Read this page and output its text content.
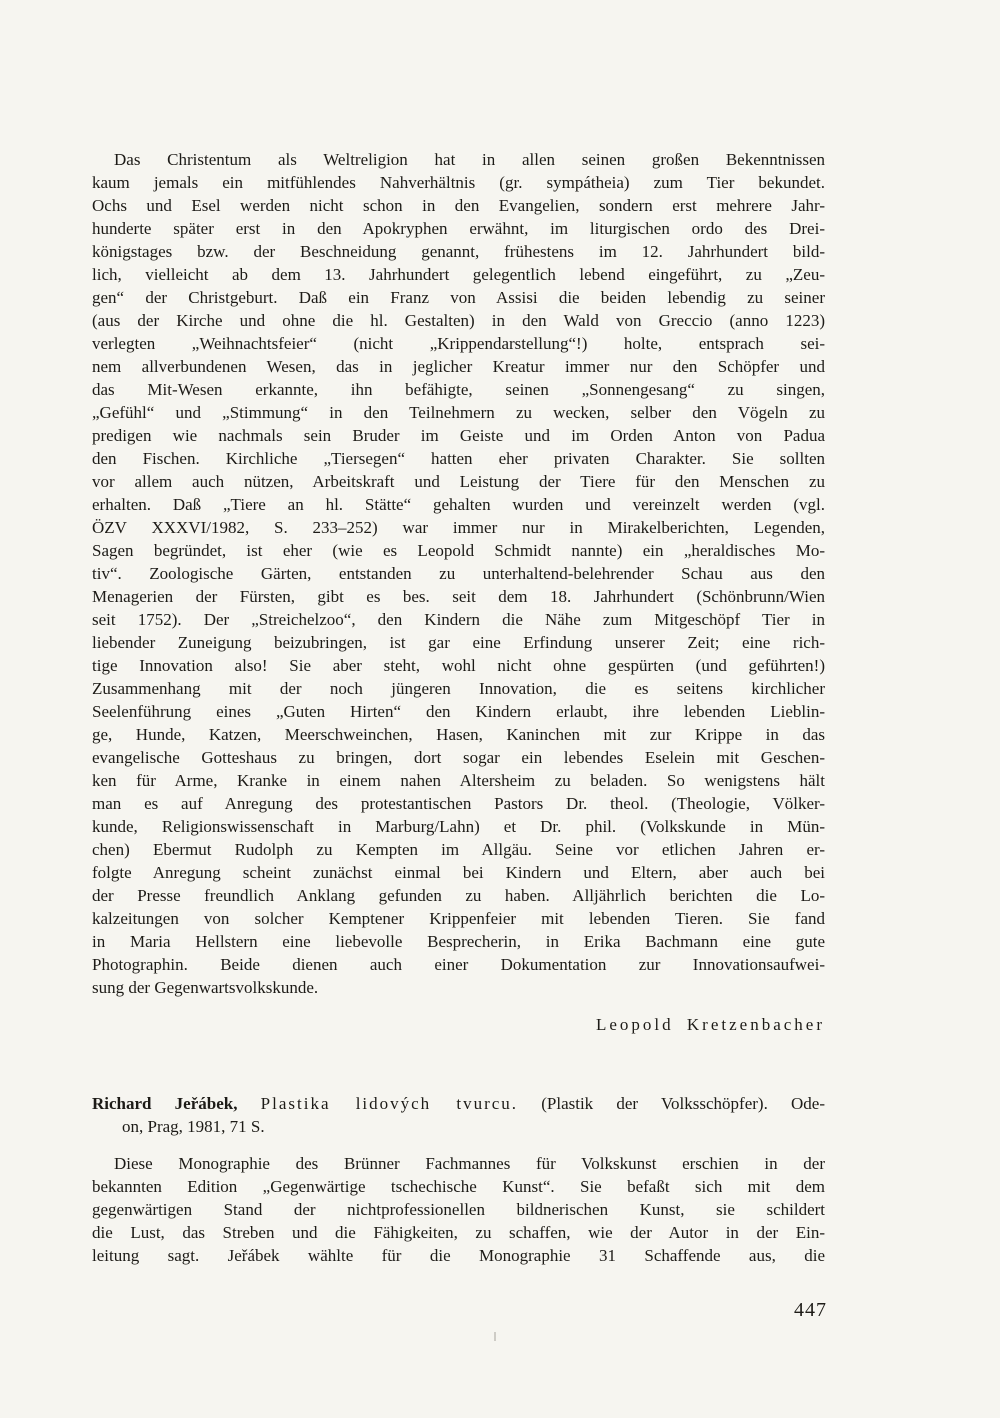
Das Christentum als Weltreligion hat in allen seinen großen Bekenntnissen
kaum jemals ein mitfühlendes Nahverhältnis (gr. sympátheia) zum Tier bekundet.
Ochs und Esel werden nicht schon in den Evangelien, sondern erst mehrere Jahr-
hunderte später erst in den Apokryphen erwähnt, im liturgischen ordo des Drei-
königstages bzw. der Beschneidung genannt, frühestens im 12. Jahrhundert bild-
lich, vielleicht ab dem 13. Jahrhundert gelegentlich lebend eingeführt, zu „Zeu-
gen“ der Christgeburt. Daß ein Franz von Assisi die beiden lebendig zu seiner
(aus der Kirche und ohne die hl. Gestalten) in den Wald von Greccio (anno 1223)
verlegten „Weihnachtsfeier“ (nicht „Krippendarstellung“!) holte, entsprach sei-
nem allverbundenen Wesen, das in jeglicher Kreatur immer nur den Schöpfer und
das Mit-Wesen erkannte, ihn befähigte, seinen „Sonnengesang“ zu singen,
„Gefühl“ und „Stimmung“ in den Teilnehmern zu wecken, selber den Vögeln zu
predigen wie nachmals sein Bruder im Geiste und im Orden Anton von Padua
den Fischen. Kirchliche „Tiersegen“ hatten eher privaten Charakter. Sie sollten
vor allem auch nützen, Arbeitskraft und Leistung der Tiere für den Menschen zu
erhalten. Daß „Tiere an hl. Stätte“ gehalten wurden und vereinzelt werden (vgl.
ÖZV XXXVI/1982, S. 233–252) war immer nur in Mirakelberichten, Legenden,
Sagen begründet, ist eher (wie es Leopold Schmidt nannte) ein „heraldisches Mo-
tiv“. Zoologische Gärten, entstanden zu unterhaltend-belehrender Schau aus den
Menagerien der Fürsten, gibt es bes. seit dem 18. Jahrhundert (Schönbrunn/Wien
seit 1752). Der „Streichelzoo“, den Kindern die Nähe zum Mitgeschöpf Tier in
liebender Zuneigung beizubringen, ist gar eine Erfindung unserer Zeit; eine rich-
tige Innovation also! Sie aber steht, wohl nicht ohne gespürten (und geführten!)
Zusammenhang mit der noch jüngeren Innovation, die es seitens kirchlicher
Seelenführung eines „Guten Hirten“ den Kindern erlaubt, ihre lebenden Lieblin-
ge, Hunde, Katzen, Meerschweinchen, Hasen, Kaninchen mit zur Krippe in das
evangelische Gotteshaus zu bringen, dort sogar ein lebendes Eselein mit Geschen-
ken für Arme, Kranke in einem nahen Altersheim zu beladen. So wenigstens hält
man es auf Anregung des protestantischen Pastors Dr. theol. (Theologie, Völker-
kunde, Religionswissenschaft in Marburg/Lahn) et Dr. phil. (Volkskunde in Mün-
chen) Ebermut Rudolph zu Kempten im Allgäu. Seine vor etlichen Jahren er-
folgte Anregung scheint zunächst einmal bei Kindern und Eltern, aber auch bei
der Presse freundlich Anklang gefunden zu haben. Alljährlich berichten die Lo-
kalzeitungen von solcher Kemptener Krippenfeier mit lebenden Tieren. Sie fand
in Maria Hellstern eine liebevolle Besprecherin, in Erika Bachmann eine gute
Photographin. Beide dienen auch einer Dokumentation zur Innovationsaufwei-
sung der Gegenwartsvolkskunde.
Leopold Kretzenbacher
Richard Jeřábek, Plastika lidových tvurcu. (Plastik der Volksschöpfer). Ode-
on, Prag, 1981, 71 S.
Diese Monographie des Brünner Fachmannes für Volkskunst erschien in der
bekannten Edition „Gegenwärtige tschechische Kunst“. Sie befaßt sich mit dem
gegenwärtigen Stand der nichtprofessionellen bildnerischen Kunst, sie schildert
die Lust, das Streben und die Fähigkeiten, zu schaffen, wie der Autor in der Ein-
leitung sagt. Jeřábek wählte für die Monographie 31 Schaffende aus, die
447
